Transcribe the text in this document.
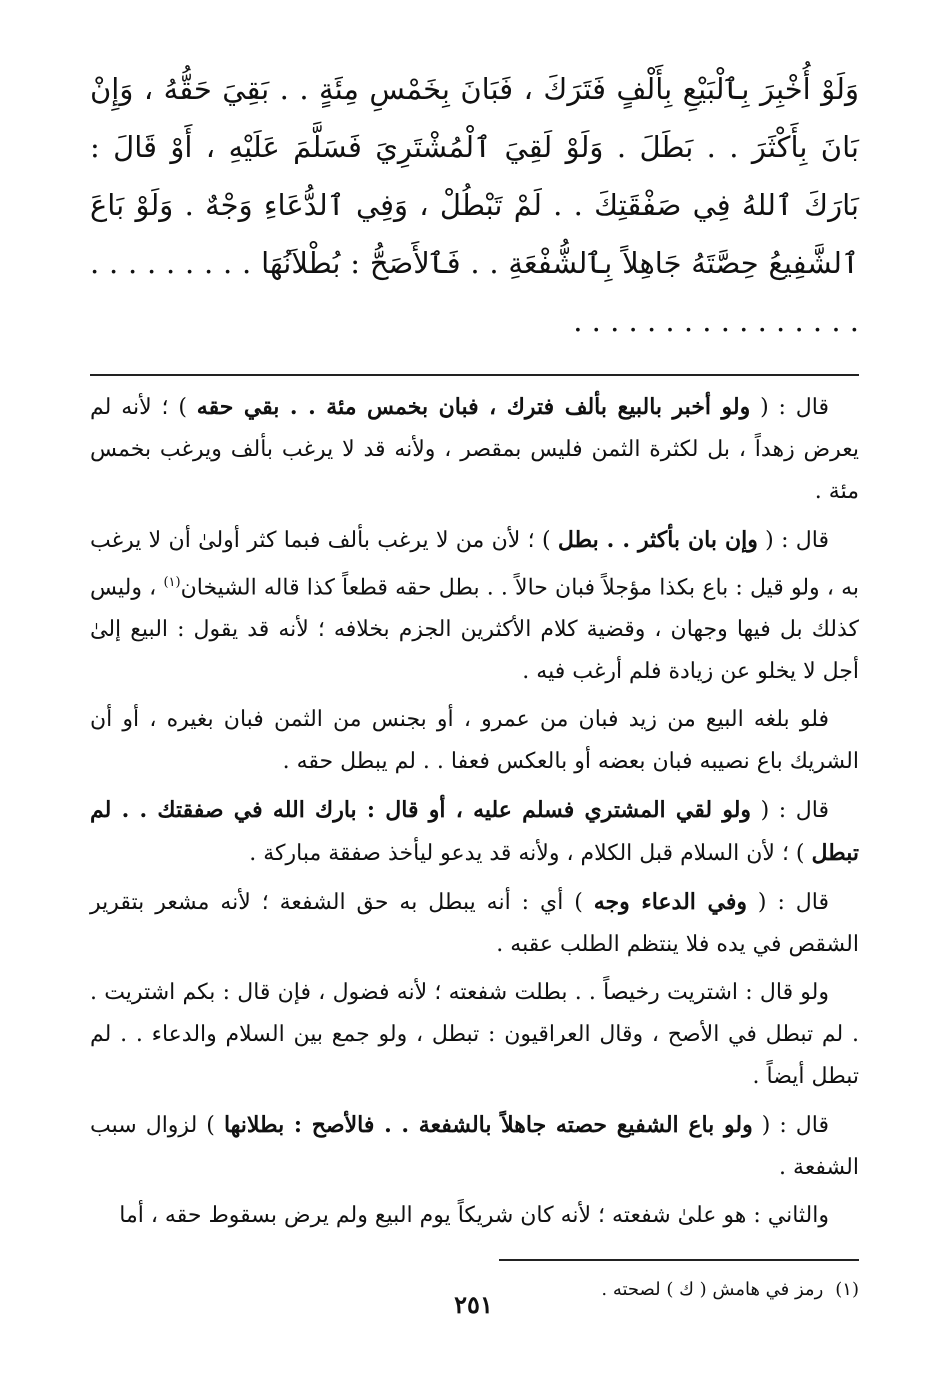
وَلَوْ أُخْبِرَ بِٱلْبَيْعِ بِأَلْفٍ فَتَرَكَ ، فَبَانَ بِخَمْسِ مِئَةٍ . . بَقِيَ حَقُّهُ ، وَإِنْ بَانَ بِأَكْثَرَ . . بَطَلَ . وَلَوْ لَقِيَ ٱلْمُشْتَرِيَ فَسَلَّمَ عَلَيْهِ ، أَوْ قَالَ : بَارَكَ ٱللهُ فِي صَفْقَتِكَ . . لَمْ تَبْطُلْ ، وَفِي ٱلدُّعَاءِ وَجْهٌ . وَلَوْ بَاعَ ٱلشَّفِيعُ حِصَّتَهُ جَاهِلاً بِٱلشُّفْعَةِ . . فَٱلأَصَحُّ : بُطْلاَنُهَا . . . . . . . . . . . . . . . . . . . . . . . . .

قال : ( ولو أخبر بالبيع بألف فترك ، فبان بخمس مئة . . بقي حقه ) ؛ لأنه لم يعرض زهداً ، بل لكثرة الثمن فليس بمقصر ، ولأنه قد لا يرغب بألف ويرغب بخمس مئة .

قال : ( وإن بان بأكثر . . بطل ) ؛ لأن من لا يرغب بألف فبما كثر أولىٰ أن لا يرغب به ، ولو قيل : باع بكذا مؤجلاً فبان حالاً . . بطل حقه قطعاً كذا قاله الشيخان$^{(١)}$ ، وليس كذلك بل فيها وجهان ، وقضية كلام الأكثرين الجزم بخلافه ؛ لأنه قد يقول : البيع إلىٰ أجل لا يخلو عن زيادة فلم أرغب فيه .

فلو بلغه البيع من زيد فبان من عمرو ، أو بجنس من الثمن فبان بغيره ، أو أن الشريك باع نصيبه فبان بعضه أو بالعكس فعفا . . لم يبطل حقه .

قال : ( ولو لقي المشتري فسلم عليه ، أو قال : بارك الله في صفقتك . . لم تبطل ) ؛ لأن السلام قبل الكلام ، ولأنه قد يدعو ليأخذ صفقة مباركة .

قال : ( وفي الدعاء وجه ) أي : أنه يبطل به حق الشفعة ؛ لأنه مشعر بتقرير الشقص في يده فلا ينتظم الطلب عقبه .

ولو قال : اشتريت رخيصاً . . بطلت شفعته ؛ لأنه فضول ، فإن قال : بكم اشتريت . . لم تبطل في الأصح ، وقال العراقيون : تبطل ، ولو جمع بين السلام والدعاء . . لم تبطل أيضاً .

قال : ( ولو باع الشفيع حصته جاهلاً بالشفعة . . فالأصح : بطلانها ) لزوال سبب الشفعة .

والثاني : هو علىٰ شفعته ؛ لأنه كان شريكاً يوم البيع ولم يرض بسقوط حقه ، أما

(١)رمز في هامش ( ك ) لصحته .

٢٥١
